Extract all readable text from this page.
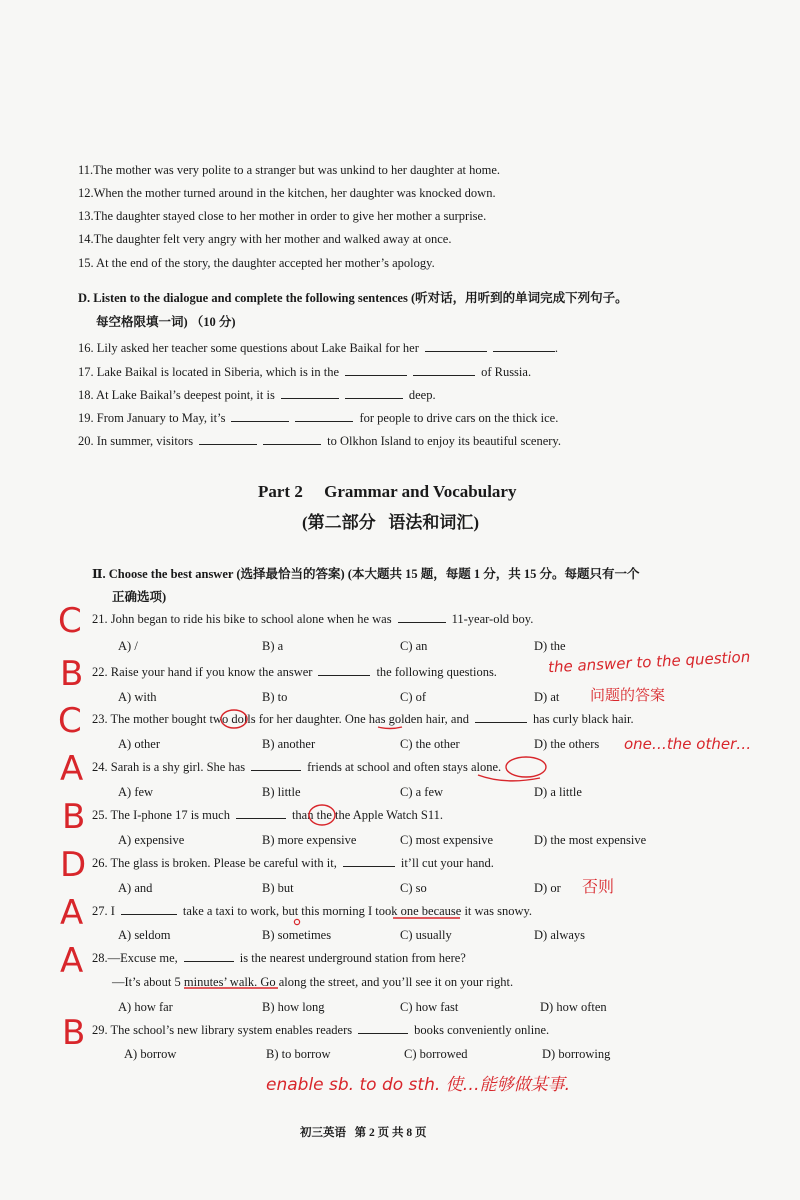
11.The mother was very polite to a stranger but was unkind to her daughter at home.
12.When the mother turned around in the kitchen, her daughter was knocked down.
13.The daughter stayed close to her mother in order to give her mother a surprise.
14.The daughter felt very angry with her mother and walked away at once.
15. At the end of the story, the daughter accepted her mother’s apology.
D. Listen to the dialogue and complete the following sentences (听对话，用听到的单词完成下列句子。
每空格限填一词) （10 分)
16. Lily asked her teacher some questions about Lake Baikal for her	.
17. Lake Baikal is located in Siberia, which is in the	of Russia.
18. At Lake Baikal’s deepest point, it is	deep.
19. From January to May, it’s	for people to drive cars on the thick ice.
20. In summer, visitors	to Olkhon Island to enjoy its beautiful scenery.
Part 2     Grammar and Vocabulary
(第二部分   语法和词汇)
Ⅱ. Choose the best answer (选择最恰当的答案) (本大题共 15 题，每题 1 分，共 15 分。每题只有一个
正确选项)
21. John began to ride his bike to school alone when he was	11-year-old boy.
A) /	B) a	C) an	D) the
22. Raise your hand if you know the answer	the following questions.
A) with	B) to	C) of	D) at
23. The mother bought two dolls for her daughter. One has golden hair, and	has curly black hair.
A) other	B) another	C) the other	D) the others
24. Sarah is a shy girl. She has	friends at school and often stays alone.
A) few	B) little	C) a few	D) a little
25. The I-phone 17 is much	than the the Apple Watch S11.
A) expensive	B) more expensive	C) most expensive	D) the most expensive
26. The glass is broken. Please be careful with it,	it’ll cut your hand.
A) and	B) but	C) so	D) or
27. I	take a taxi to work, but this morning I took one because it was snowy.
A) seldom	B) sometimes	C) usually	D) always
28.—Excuse me,	is the nearest underground station from here?
—It’s about 5 minutes’ walk. Go along the street, and you’ll see it on your right.
A) how far	B) how long	C) how fast	D) how often
29. The school’s new library system enables readers	books conveniently online.
A) borrow	B) to borrow	C) borrowed	D) borrowing
C
B
C
A
B
D
A
A
B
the answer to the question
问题的答案
one…the other…
否则
enable sb. to do sth. 使…能够做某事.
初三英语   第 2 页 共 8 页
